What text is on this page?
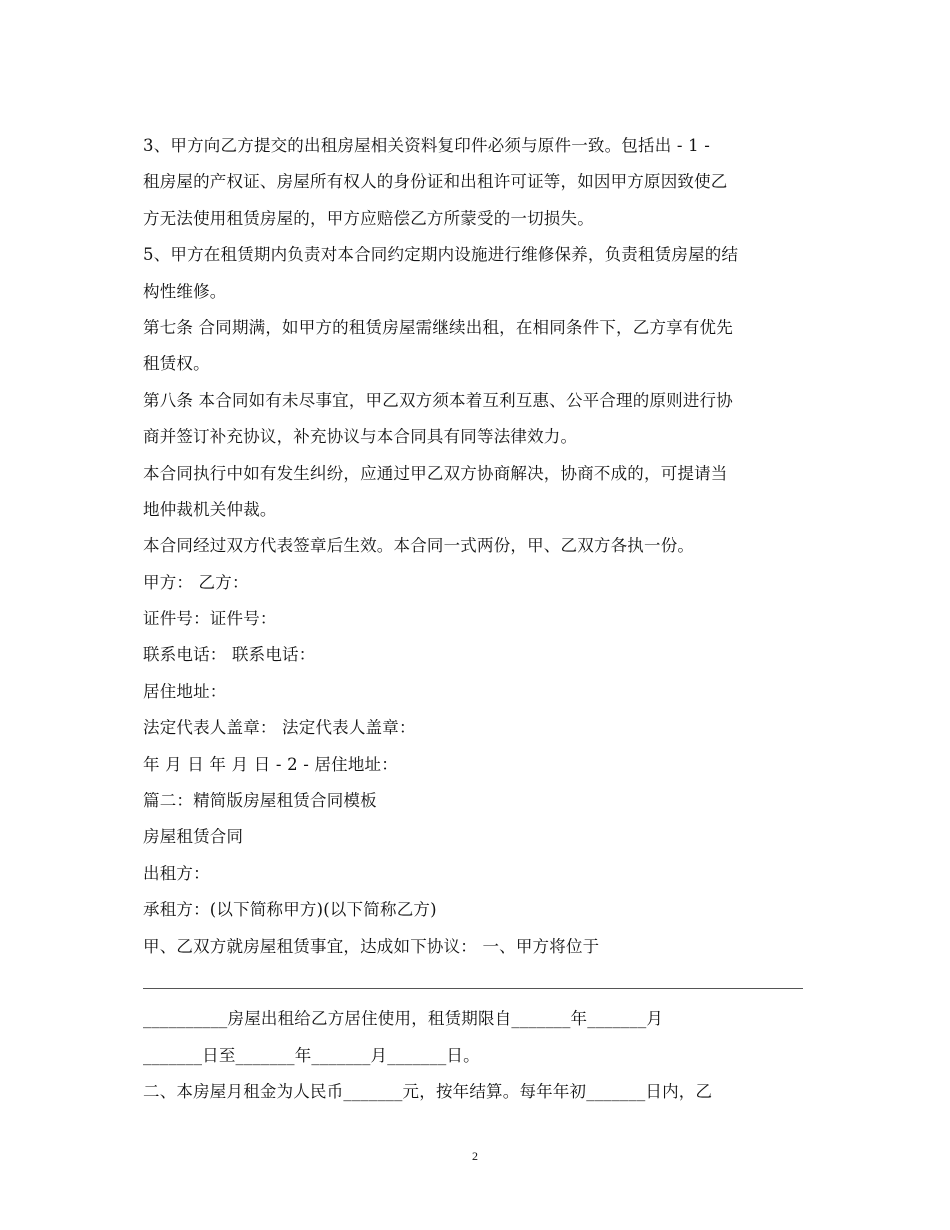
3、甲方向乙方提交的出租房屋相关资料复印件必须与原件一致。包括出 - 1 -
租房屋的产权证、房屋所有权人的身份证和出租许可证等，如因甲方原因致使乙
方无法使用租赁房屋的，甲方应赔偿乙方所蒙受的一切损失。
5、甲方在租赁期内负责对本合同约定期内设施进行维修保养，负责租赁房屋的结
构性维修。
第七条 合同期满，如甲方的租赁房屋需继续出租，在相同条件下，乙方享有优先
租赁权。
第八条 本合同如有未尽事宜，甲乙双方须本着互利互惠、公平合理的原则进行协
商并签订补充协议，补充协议与本合同具有同等法律效力。
本合同执行中如有发生纠纷，应通过甲乙双方协商解决，协商不成的，可提请当
地仲裁机关仲裁。
本合同经过双方代表签章后生效。本合同一式两份，甲、乙双方各执一份。
甲方： 乙方：
证件号：证件号：
联系电话： 联系电话：
居住地址：
法定代表人盖章： 法定代表人盖章：
年 月 日 年 月 日 - 2 - 居住地址：
篇二：精简版房屋租赁合同模板
房屋租赁合同
出租方：
承租方：(以下简称甲方)(以下简称乙方)
甲、乙双方就房屋租赁事宜，达成如下协议： 一、甲方将位于
__________房屋出租给乙方居住使用，租赁期限自_______年_______月
_______日至_______年_______月_______日。
二、本房屋月租金为人民币_______元，按年结算。每年年初_______日内，乙
2
